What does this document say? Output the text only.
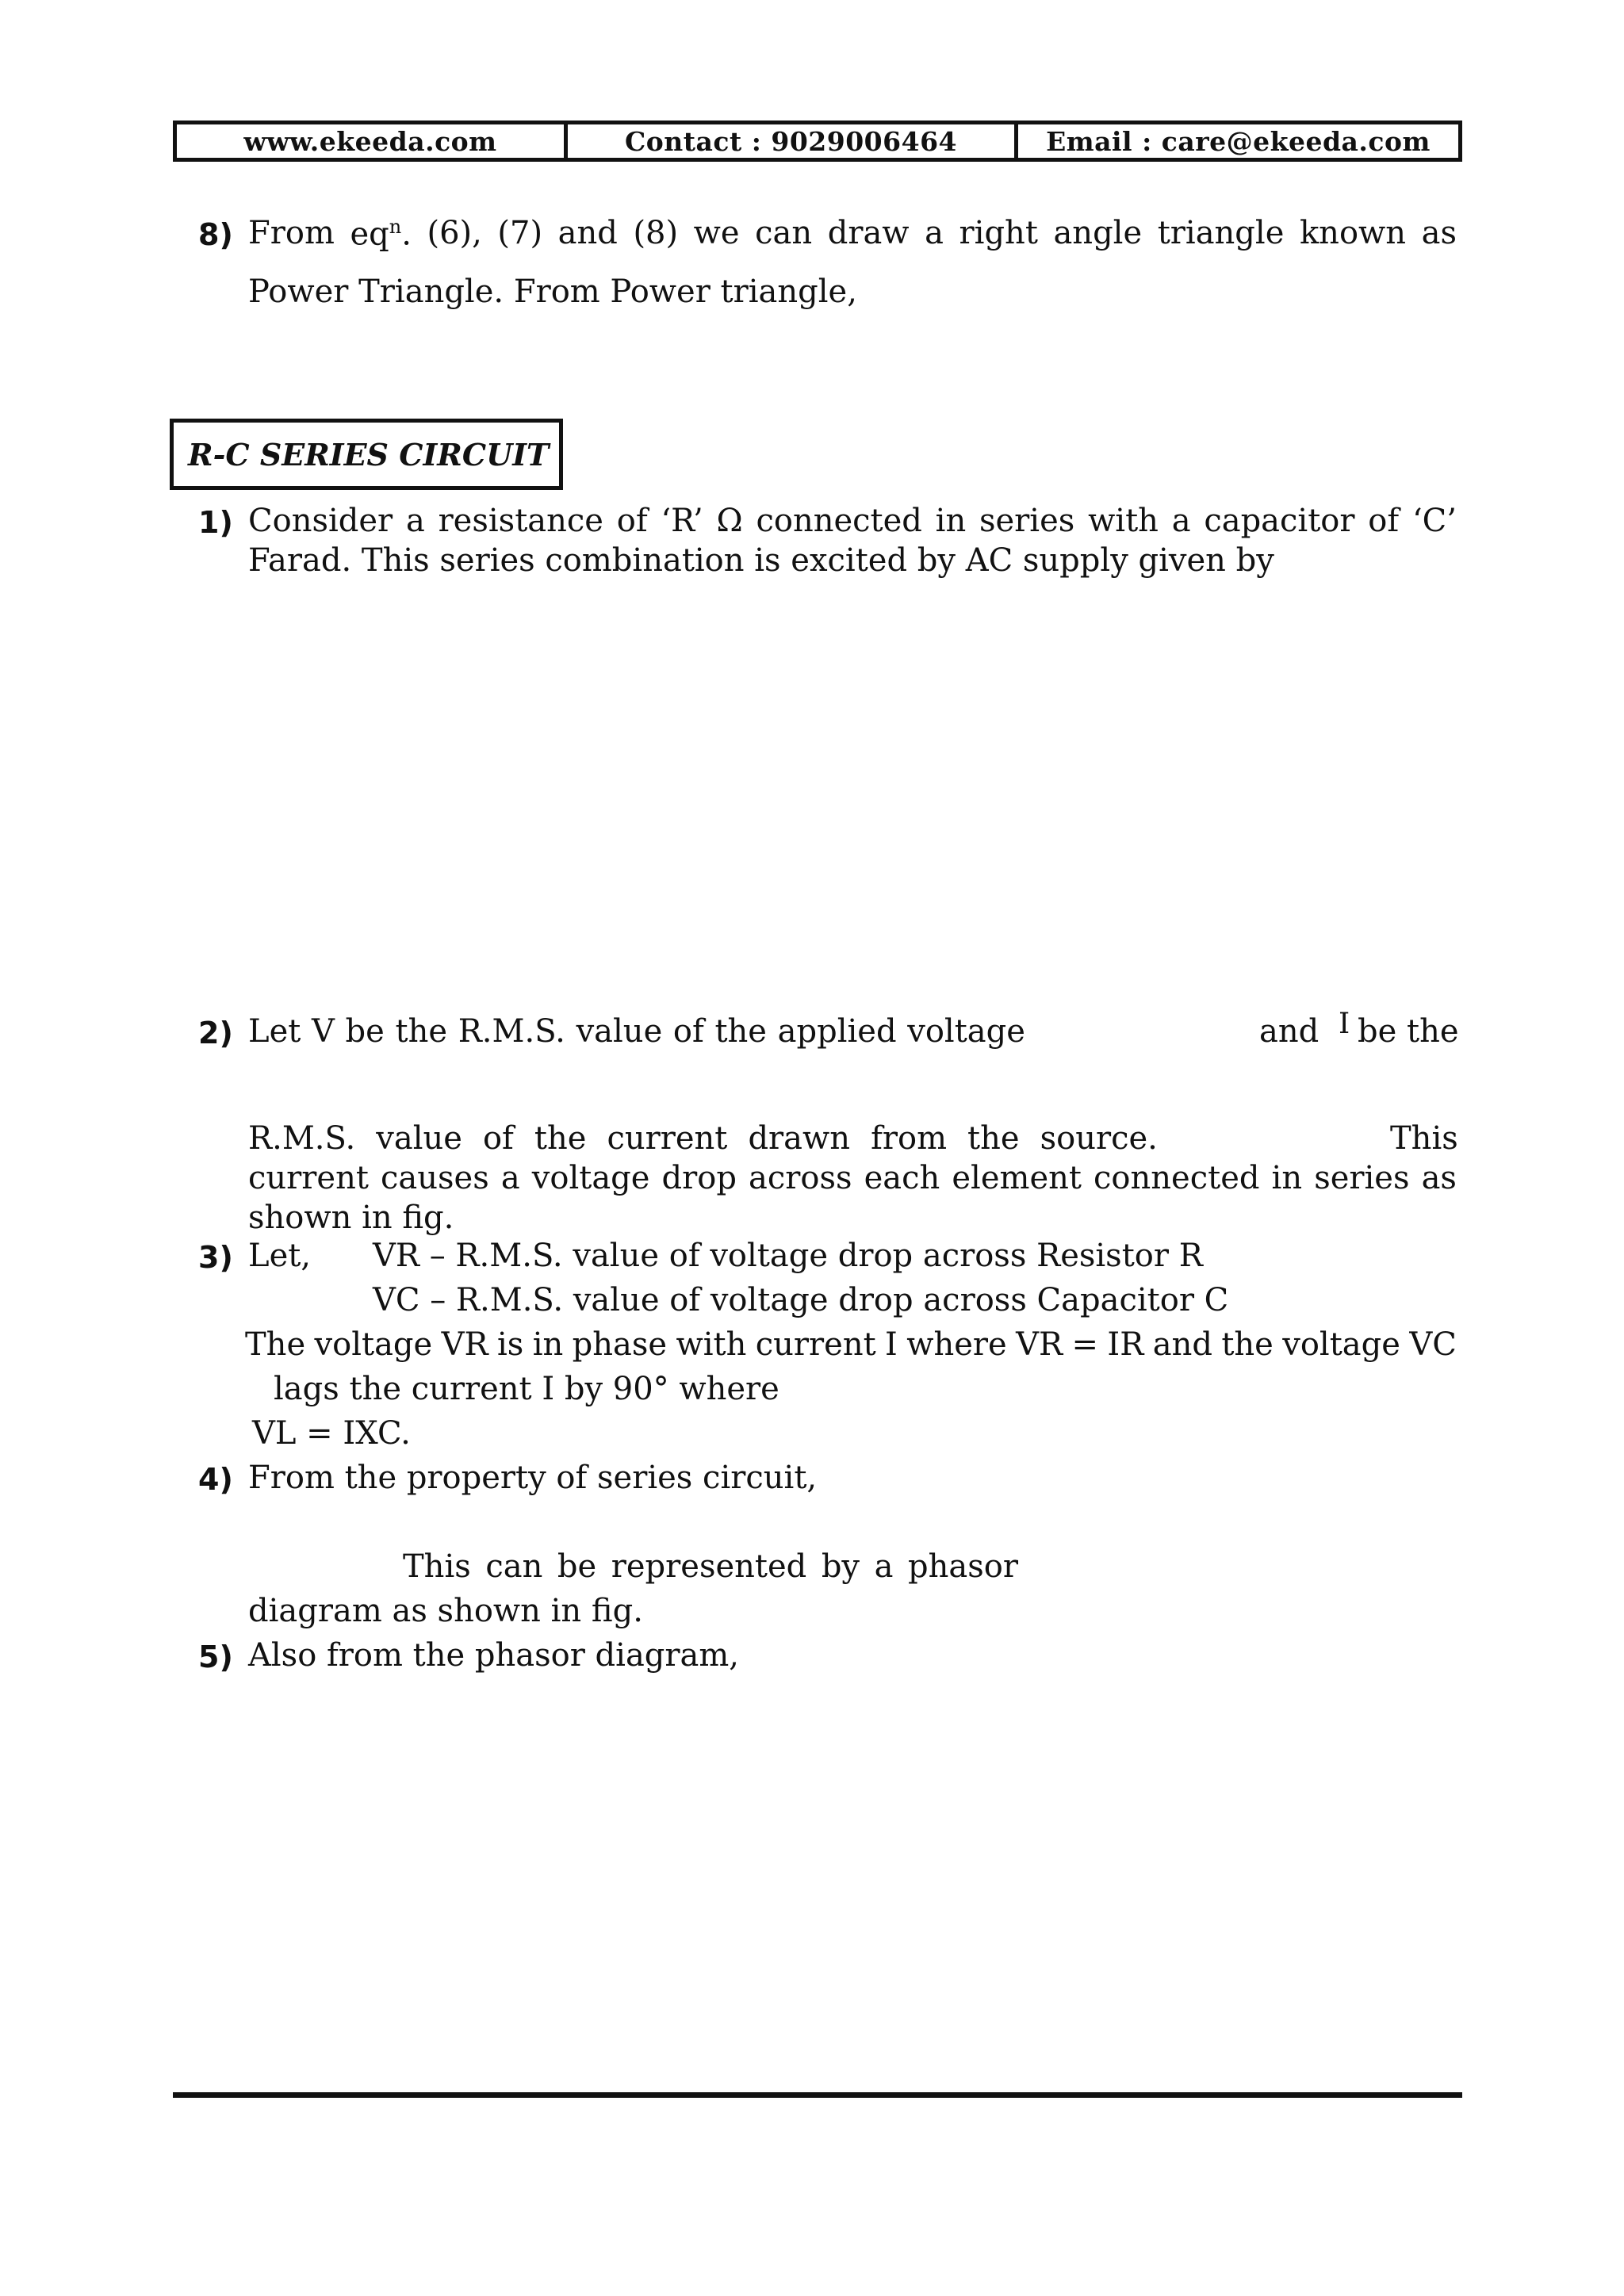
www.ekeeda.com	Contact : 9029006464	Email : care@ekeeda.com
8) From $eq^n$. (6), (7) and (8) we can draw a right angle triangle known as
Power Triangle. From Power triangle,
R-C SERIES CIRCUIT
1) Consider a resistance of ‘R’ Ω connected in series with a capacitor of ‘C’
Farad. This series combination is excited by AC supply given by
2) Let V be the R.M.S. value of the applied voltage	and I be the
R.M.S. value of the current drawn from the source.	This
current causes a voltage drop across each element connected in series as
shown in fig.
3) Let, VR – R.M.S. value of voltage drop across Resistor R
VC – R.M.S. value of voltage drop across Capacitor C
The voltage VR is in phase with current I where VR = IR and the voltage VC
lags the current I by 90° where
VL = IXC.
4) From the property of series circuit,
This can be represented by a phasor
diagram as shown in fig.
5) Also from the phasor diagram,
